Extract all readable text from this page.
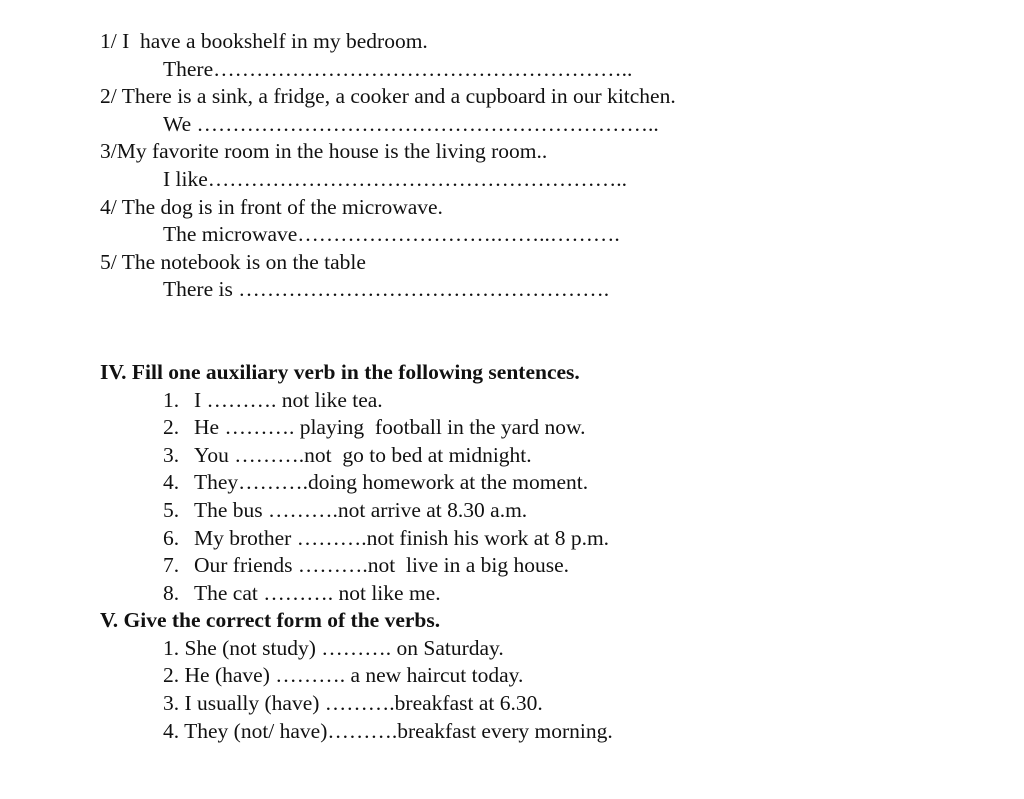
1/ I  have a bookshelf in my bedroom.
There…………………………………………………..
2/ There is a sink, a fridge, a cooker and a cupboard in our kitchen.
We ………………………………………………………..
3/My favorite room in the house is the living room..
I like…………………………………………………..
4/ The dog is in front of the microwave.
The microwave……………………….……..……….
5/ The notebook is on the table
There is …………………………………………….
IV. Fill one auxiliary verb in the following sentences.
1. I ………. not like tea.
2. He ………. playing  football in the yard now.
3. You ……….not  go to bed at midnight.
4. They……….doing homework at the moment.
5. The bus ……….not arrive at 8.30 a.m.
6. My brother ……….not finish his work at 8 p.m.
7. Our friends ……….not  live in a big house.
8. The cat ………. not like me.
V. Give the correct form of the verbs.
1. She (not study) ………. on Saturday.
2. He (have) ………. a new haircut today.
3. I usually (have) ……….breakfast at 6.30.
4. They (not/ have)……….breakfast every morning.
